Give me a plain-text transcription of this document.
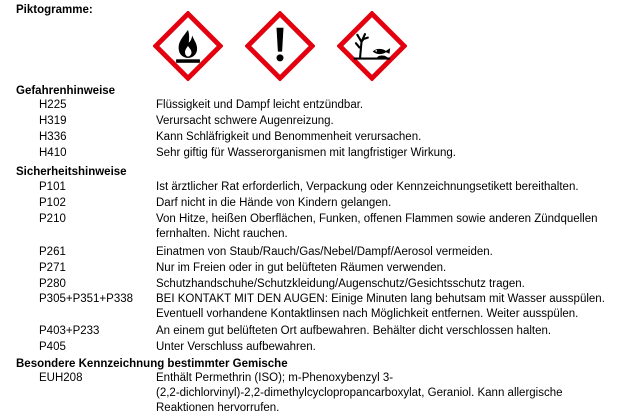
Piktogramme:
Gefahrenhinweise
H225	Flüssigkeit und Dampf leicht entzündbar.
H319	Verursacht schwere Augenreizung.
H336	Kann Schläfrigkeit und Benommenheit verursachen.
H410	Sehr giftig für Wasserorganismen mit langfristiger Wirkung.
Sicherheitshinweise
P101	Ist ärztlicher Rat erforderlich, Verpackung oder Kennzeichnungsetikett bereithalten.
P102	Darf nicht in die Hände von Kindern gelangen.
P210	Von Hitze, heißen Oberflächen, Funken, offenen Flammen sowie anderen Zündquellen
fernhalten. Nicht rauchen.
P261	Einatmen von Staub/Rauch/Gas/Nebel/Dampf/Aerosol vermeiden.
P271	Nur im Freien oder in gut belüfteten Räumen verwenden.
P280	Schutzhandschuhe/Schutzkleidung/Augenschutz/Gesichtsschutz tragen.
P305+P351+P338 BEI KONTAKT MIT DEN AUGEN: Einige Minuten lang behutsam mit Wasser ausspülen.
Eventuell vorhandene Kontaktlinsen nach Möglichkeit entfernen. Weiter ausspülen.
P403+P233	An einem gut belüfteten Ort aufbewahren. Behälter dicht verschlossen halten.
P405	Unter Verschluss aufbewahren.
Besondere Kennzeichnung bestimmter Gemische
EUH208	Enthält Permethrin (ISO); m-Phenoxybenzyl 3-
(2,2-dichlorvinyl)-2,2-dimethylcyclopropancarboxylat, Geraniol. Kann allergische
Reaktionen hervorrufen.
